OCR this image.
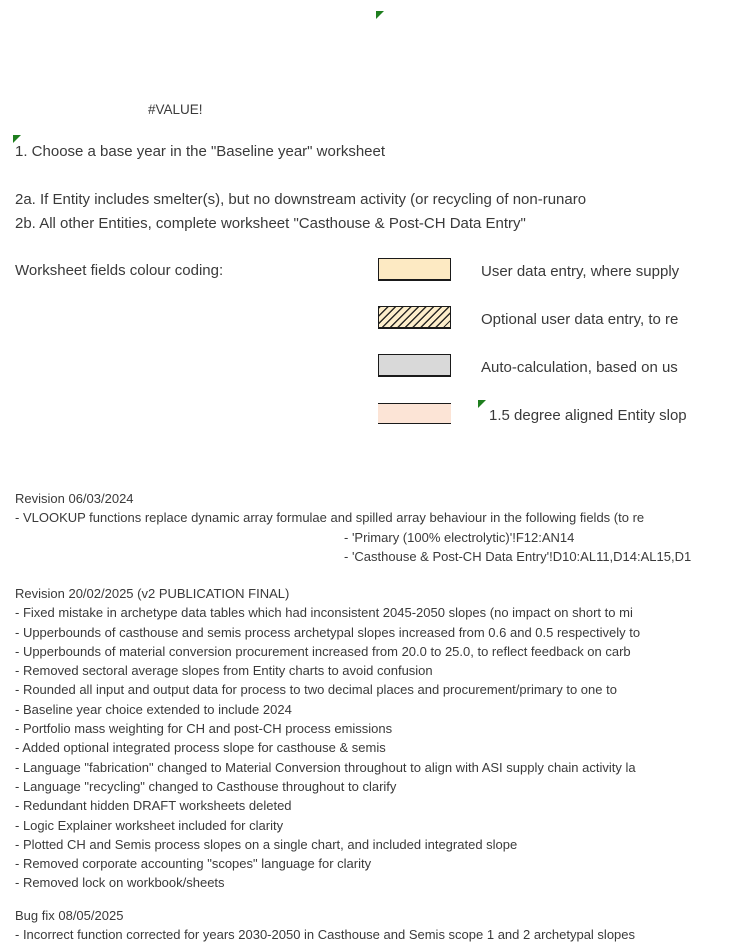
#VALUE!
1. Choose a base year in the "Baseline year" worksheet
2a. If Entity includes smelter(s), but no downstream activity (or recycling of non-runaro
2b. All other Entities, complete worksheet "Casthouse & Post-CH Data Entry"
Worksheet fields colour coding:	User data entry, where supply
Optional user data entry, to re
Auto-calculation, based on us
1.5 degree aligned Entity slop
Revision 06/03/2024
- VLOOKUP functions replace dynamic array formulae and spilled array behaviour in the following fields (to re
- 'Primary (100% electrolytic)'!F12:AN14
- 'Casthouse & Post-CH Data Entry'!D10:AL11,D14:AL15,D1
Revision 20/02/2025 (v2 PUBLICATION FINAL)
- Fixed mistake in archetype data tables which had inconsistent 2045-2050 slopes (no impact on short to mi
- Upperbounds of casthouse and semis process archetypal slopes increased from 0.6 and 0.5 respectively to
- Upperbounds of material conversion procurement increased from 20.0 to 25.0, to reflect feedback on carb
- Removed sectoral average slopes from Entity charts to avoid confusion
- Rounded all input and output data for process to two decimal places and procurement/primary to one to
- Baseline year choice extended to include 2024
- Portfolio mass weighting for CH and post-CH process emissions
- Added optional integrated process slope for casthouse & semis
- Language "fabrication" changed to Material Conversion throughout to align with ASI supply chain activity la
- Language "recycling" changed to Casthouse throughout to clarify
- Redundant hidden DRAFT worksheets deleted
- Logic Explainer worksheet included for clarity
- Plotted CH and Semis process slopes on a single chart, and included integrated slope
- Removed corporate accounting "scopes" language for clarity
- Removed lock on workbook/sheets
Bug fix 08/05/2025
- Incorrect function corrected for years 2030-2050 in Casthouse and Semis scope 1 and 2 archetypal slopes
